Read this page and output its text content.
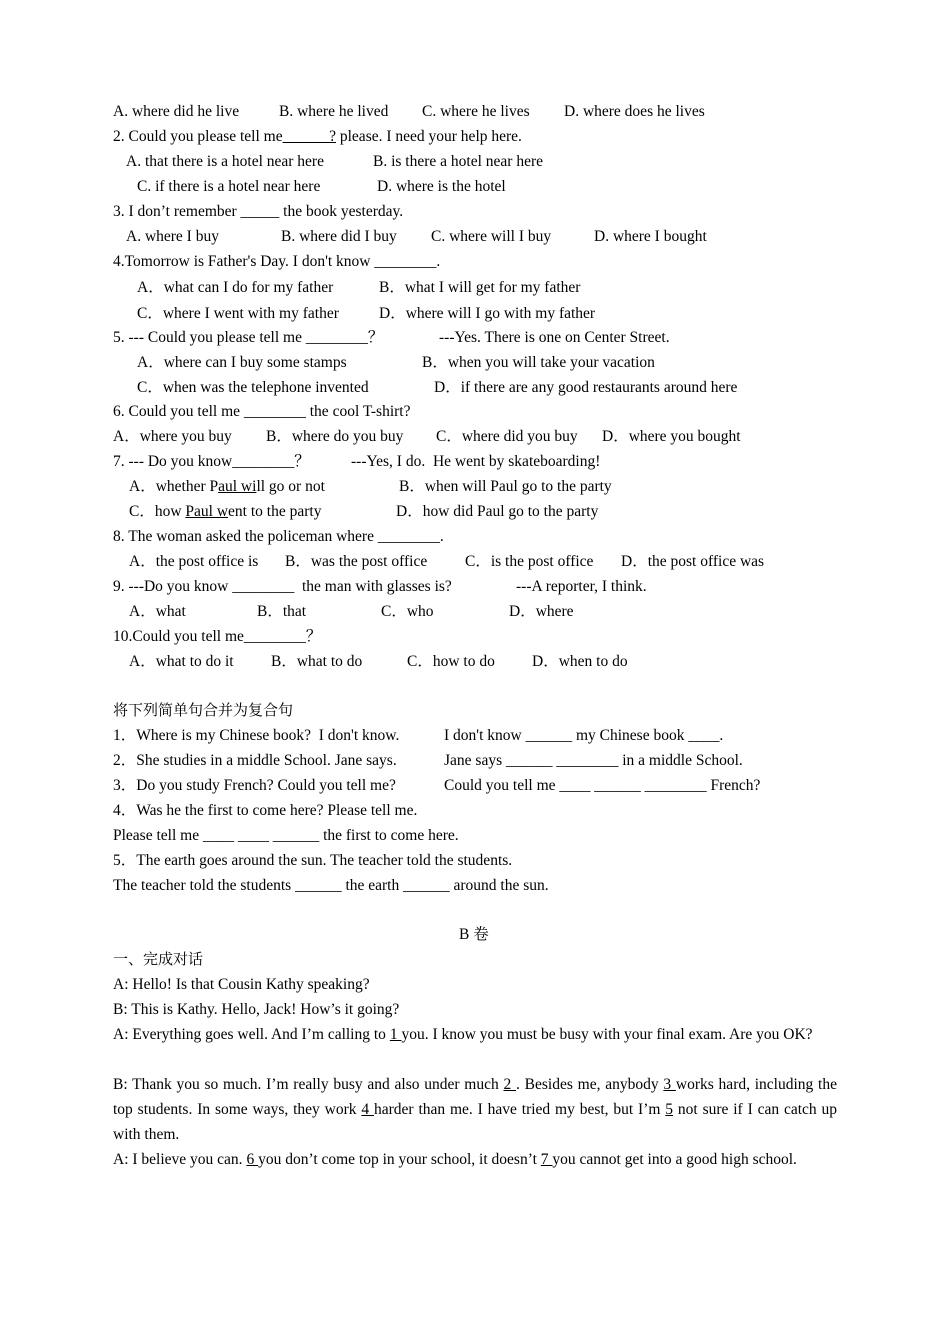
A. where did he live	B. where he lived C. where he lives D. where does he lives
2. Could you please tell me______? please. I need your help here.
A. that there is a hotel near here	B. is there a hotel near here
C. if there is a hotel near here	D. where is the hotel
3. I don’t remember _____ the book yesterday.
A. where I buy	B. where did I buy C. where will I buy	D. where I bought
4.Tomorrow is Father's Day. I don't know ________.
A．what can I do for my father	B．what I will get for my father
C．where I went with my father	D．where will I go with my father
5. --- Could you please tell me ________？	---Yes. There is one on Center Street.
A．where can I buy some stamps	B．when you will take your vacation
C．when was the telephone invented	D．if there are any good restaurants around here
6. Could you tell me ________ the cool T-shirt?
A．where you buy B．where do you buy C．where did you buy D．where you bought
7. --- Do you know________？	---Yes, I do.  He went by skateboarding!
A．whether Paul will go or not	B．when will Paul go to the party
C．how Paul went to the party	D．how did Paul go to the party
8. The woman asked the policeman where ________.
A．the post office is B．was the post office C．is the post office D．the post office was
9. ---Do you know ________  the man with glasses is?	---A reporter, I think.
A．what	B．that	C．who	D．where
10.Could you tell me________？
A．what to do it B．what to do	C．how to do D．when to do
将下列简单句合并为复合句
1．Where is my Chinese book?  I don't know.	I don't know ______ my Chinese book ____.
2．She studies in a middle School. Jane says.	Jane says ______ ________ in a middle School.
3．Do you study French? Could you tell me?	Could you tell me ____ ______ ________ French?
4．Was he the first to come here? Please tell me.
Please tell me ____ ____ ______ the first to come here.
5．The earth goes around the sun. The teacher told the students.
The teacher told the students ______ the earth ______ around the sun.
B 卷
一、完成对话
A: Hello! Is that Cousin Kathy speaking?
B: This is Kathy. Hello, Jack! How’s it going?
A: Everything goes well. And I’m calling to 1 you. I know you must be busy with your final exam. Are you OK?
B: Thank you so much. I’m really busy and also under much 2 . Besides me, anybody 3 works hard, including the top students. In some ways, they work 4 harder than me. I have tried my best, but I’m 5 not sure if I can catch up with them.
A: I believe you can. 6 you don’t come top in your school, it doesn’t 7 you cannot get into a good high school.
